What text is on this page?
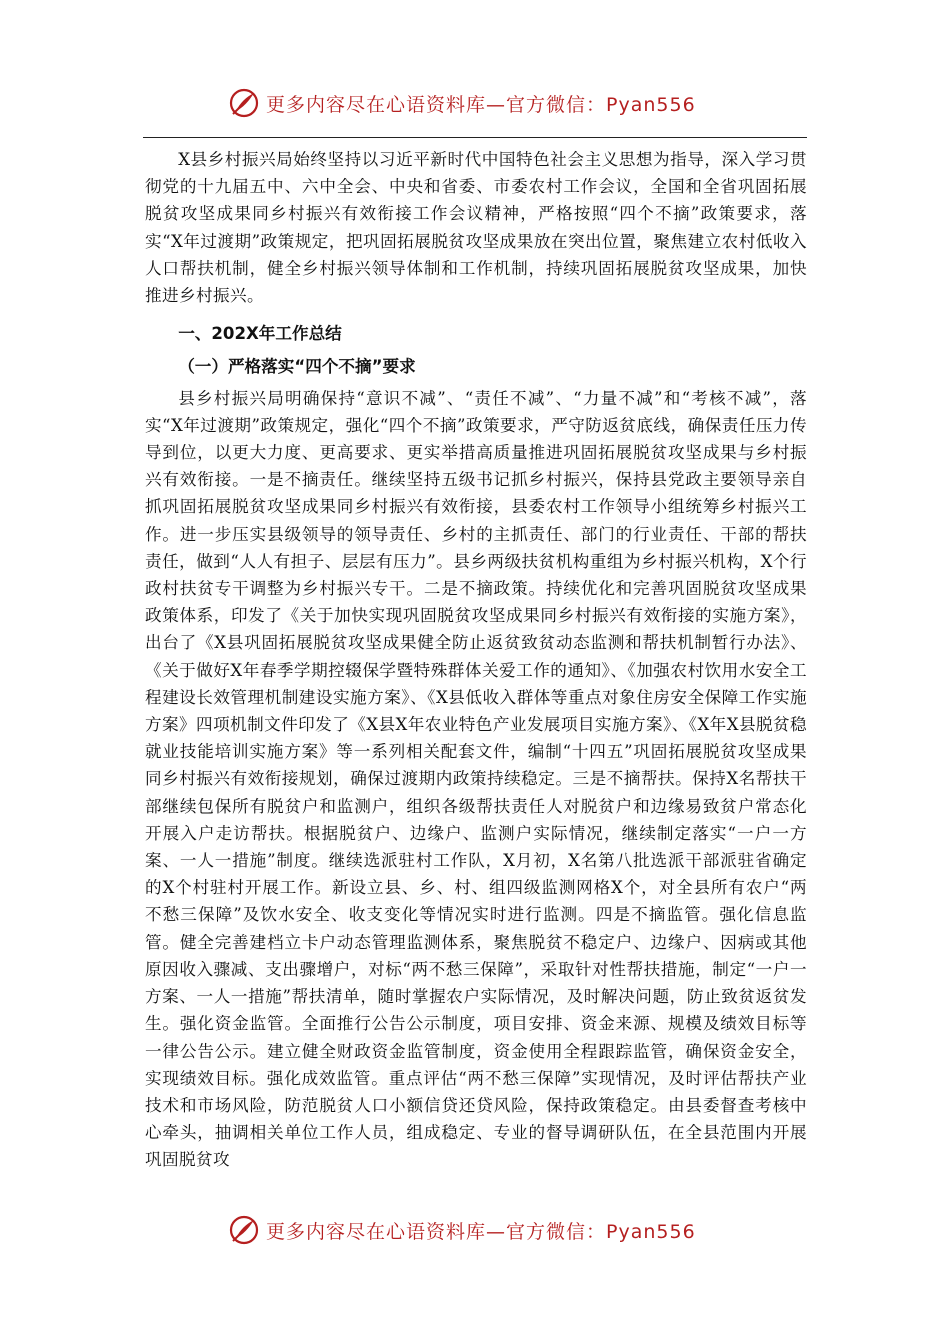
更多内容尽在心语资料库—官方微信：Pyan556

X县乡村振兴局始终坚持以习近平新时代中国特色社会主义思想为指导，深入学习贯彻党的十九届五中、六中全会、中央和省委、市委农村工作会议，全国和全省巩固拓展脱贫攻坚成果同乡村振兴有效衔接工作会议精神，严格按照“四个不摘”政策要求，落实“X年过渡期”政策规定，把巩固拓展脱贫攻坚成果放在突出位置，聚焦建立农村低收入人口帮扶机制，健全乡村振兴领导体制和工作机制，持续巩固拓展脱贫攻坚成果，加快推进乡村振兴。

一、202X年工作总结
（一）严格落实“四个不摘”要求

县乡村振兴局明确保持“意识不减”、“责任不减”、“力量不减”和“考核不减”，落实“X年过渡期”政策规定，强化“四个不摘”政策要求，严守防返贫底线，确保责任压力传导到位，以更大力度、更高要求、更实举措高质量推进巩固拓展脱贫攻坚成果与乡村振兴有效衔接。一是不摘责任。继续坚持五级书记抓乡村振兴，保持县党政主要领导亲自抓巩固拓展脱贫攻坚成果同乡村振兴有效衔接，县委农村工作领导小组统筹乡村振兴工作。进一步压实县级领导的领导责任、乡村的主抓责任、部门的行业责任、干部的帮扶责任，做到“人人有担子、层层有压力”。县乡两级扶贫机构重组为乡村振兴机构，X个行政村扶贫专干调整为乡村振兴专干。二是不摘政策。持续优化和完善巩固脱贫攻坚成果政策体系，印发了《关于加快实现巩固脱贫攻坚成果同乡村振兴有效衔接的实施方案》，出台了《X县巩固拓展脱贫攻坚成果健全防止返贫致贫动态监测和帮扶机制暂行办法》、《关于做好X年春季学期控辍保学暨特殊群体关爱工作的通知》、《加强农村饮用水安全工程建设长效管理机制建设实施方案》、《X县低收入群体等重点对象住房安全保障工作实施方案》四项机制文件印发了《X县X年农业特色产业发展项目实施方案》、《X年X县脱贫稳就业技能培训实施方案》等一系列相关配套文件，编制“十四五”巩固拓展脱贫攻坚成果同乡村振兴有效衔接规划，确保过渡期内政策持续稳定。三是不摘帮扶。保持X名帮扶干部继续包保所有脱贫户和监测户，组织各级帮扶责任人对脱贫户和边缘易致贫户常态化开展入户走访帮扶。根据脱贫户、边缘户、监测户实际情况，继续制定落实“一户一方案、一人一措施”制度。继续选派驻村工作队，X月初，X名第八批选派干部派驻省确定的X个村驻村开展工作。新设立县、乡、村、组四级监测网格X个，对全县所有农户“两不愁三保障”及饮水安全、收支变化等情况实时进行监测。四是不摘监管。强化信息监管。健全完善建档立卡户动态管理监测体系，聚焦脱贫不稳定户、边缘户、因病或其他原因收入骤减、支出骤增户，对标“两不愁三保障”，采取针对性帮扶措施，制定“一户一方案、一人一措施”帮扶清单，随时掌握农户实际情况，及时解决问题，防止致贫返贫发生。强化资金监管。全面推行公告公示制度，项目安排、资金来源、规模及绩效目标等一律公告公示。建立健全财政资金监管制度，资金使用全程跟踪监管，确保资金安全，实现绩效目标。强化成效监管。重点评估“两不愁三保障”实现情况，及时评估帮扶产业技术和市场风险，防范脱贫人口小额信贷还贷风险，保持政策稳定。由县委督查考核中心牵头，抽调相关单位工作人员，组成稳定、专业的督导调研队伍，在全县范围内开展巩固脱贫攻

更多内容尽在心语资料库—官方微信：Pyan556
